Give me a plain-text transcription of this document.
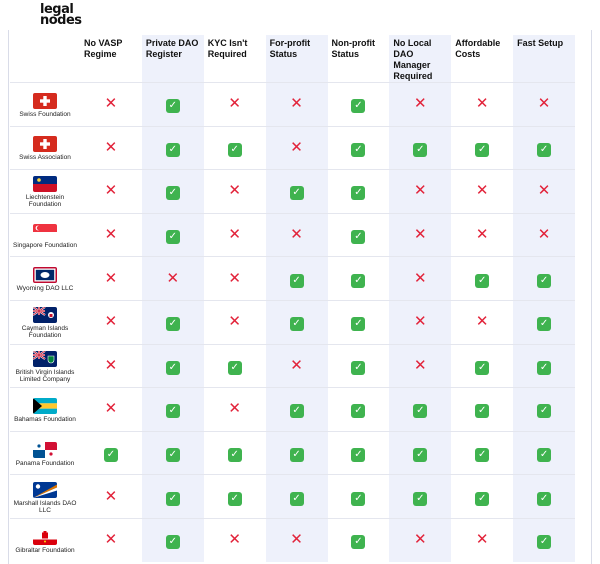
legal
nodes
	No VASP Regime	Private DAO Register	KYC Isn't Required	For-profit Status	Non-profit Status	No Local DAO Manager Required	Affordable Costs	Fast Setup

Swiss Foundation	✕	✓	✕	✕	✓	✕	✕	✕

Swiss Association	✕	✓	✓	✕	✓	✓	✓	✓

Liechtenstein Foundation	✕	✓	✕	✓	✓	✕	✕	✕

Singapore Foundation	✕	✓	✕	✕	✓	✕	✕	✕

Wyoming DAO LLC	✕	✕	✕	✓	✓	✕	✓	✓

Cayman Islands Foundation	✕	✓	✕	✓	✓	✕	✕	✓

British Virgin Islands Limited Company	✕	✓	✓	✕	✓	✕	✓	✓

Bahamas Foundation	✕	✓	✕	✓	✓	✓	✓	✓

Panama Foundation	✓	✓	✓	✓	✓	✓	✓	✓

Marshall Islands DAO LLC	✕	✓	✓	✓	✓	✓	✓	✓

Gibraltar Foundation	✕	✓	✕	✕	✓	✕	✕	✓
